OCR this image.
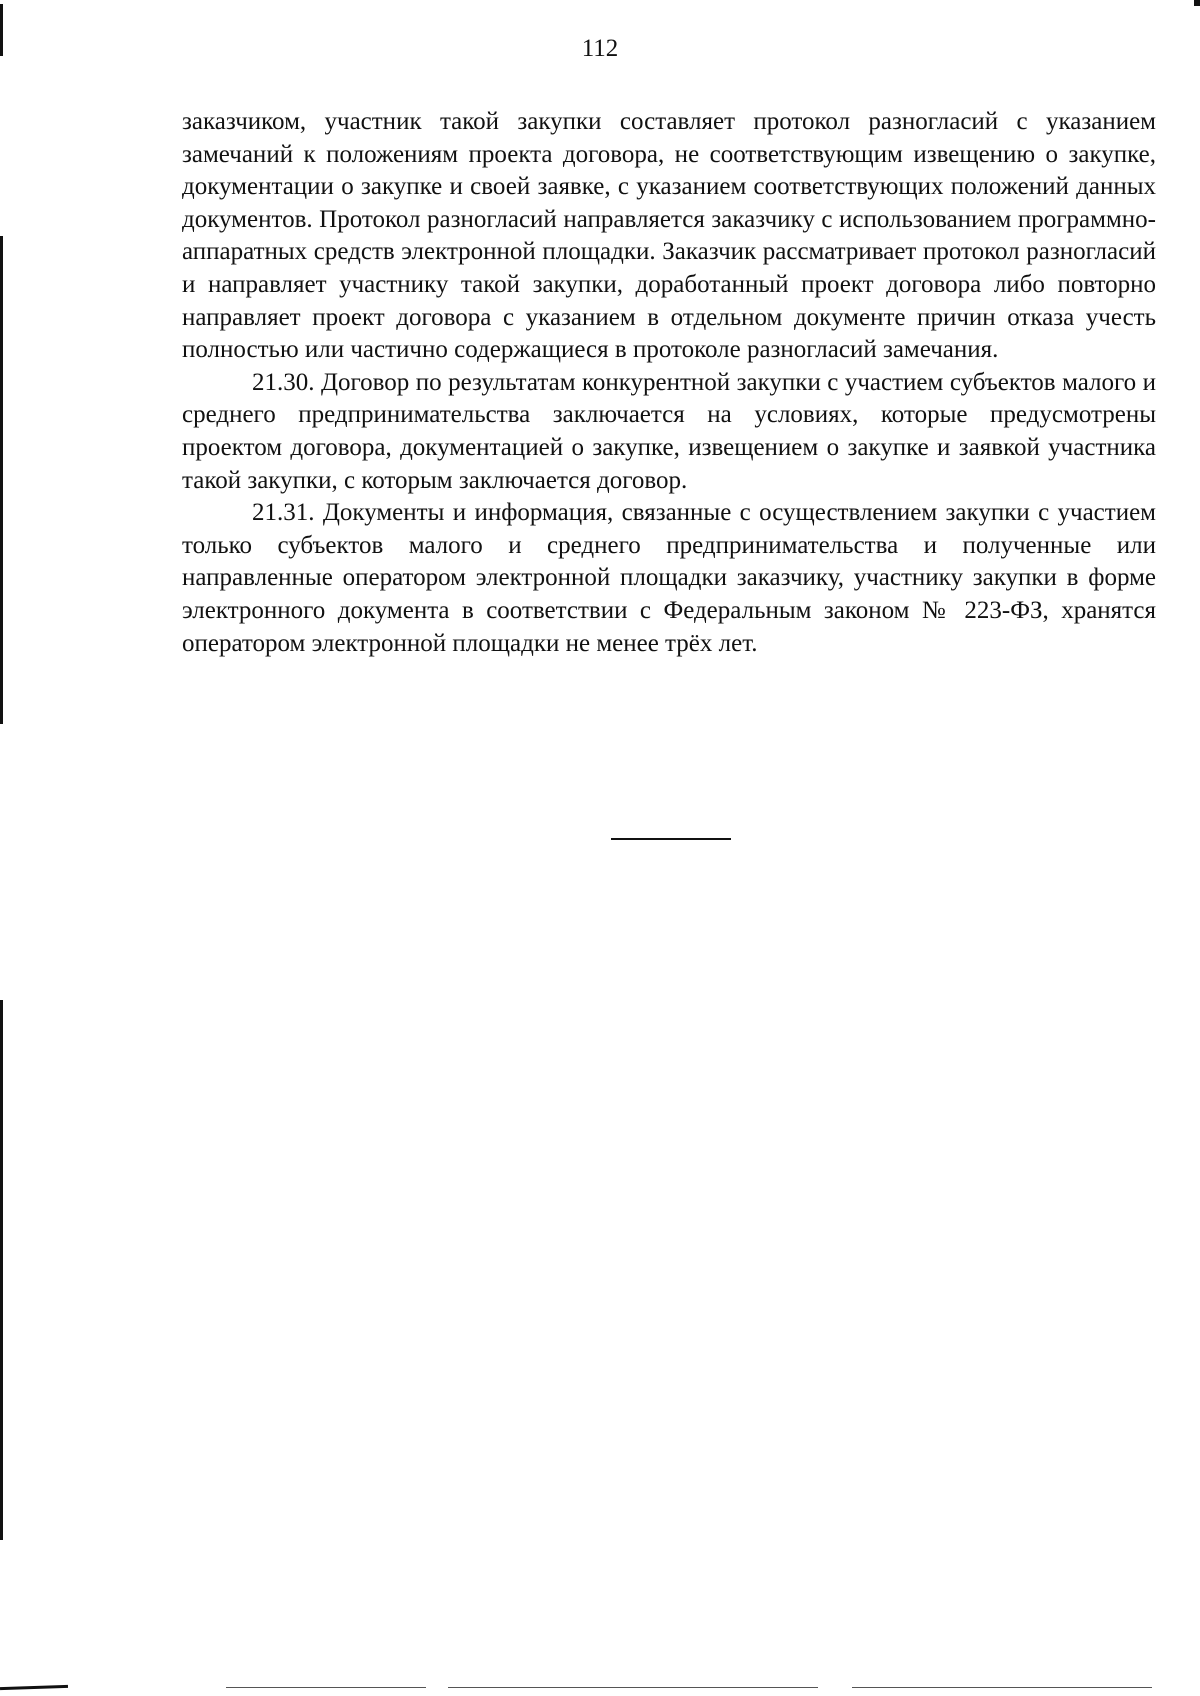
112

заказчиком, участник такой закупки составляет протокол разногласий с указанием замечаний к положениям проекта договора, не соответствующим извещению о закупке, документации о закупке и своей заявке, с указанием соответствующих положений данных документов. Протокол разногласий направляется заказчику с использованием программно-аппаратных средств электронной площадки. Заказчик рассматривает протокол разногласий и направляет участнику такой закупки, доработанный проект договора либо повторно направляет проект договора с указанием в отдельном документе причин отказа учесть полностью или частично содержащиеся в протоколе разногласий замечания.

21.30. Договор по результатам конкурентной закупки с участием субъектов малого и среднего предпринимательства заключается на условиях, которые предусмотрены проектом договора, документацией о закупке, извещением о закупке и заявкой участника такой закупки, с которым заключается договор.

21.31. Документы и информация, связанные с осуществлением закупки с участием только субъектов малого и среднего предпринимательства и полученные или направленные оператором электронной площадки заказчику, участнику закупки в форме электронного документа в соответствии с Федеральным законом № 223-ФЗ, хранятся оператором электронной площадки не менее трёх лет.
